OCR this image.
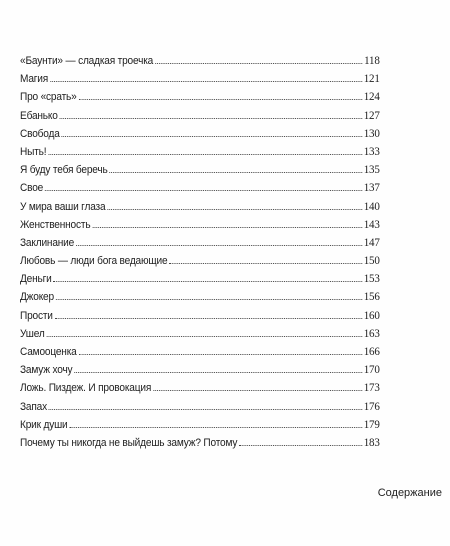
«Баунти» — сладкая троечка	118
Магия	121
Про «срать»	124
Ебанько	127
Свобода	130
Ныть!	133
Я буду тебя беречь	135
Свое	137
У мира ваши глаза	140
Женственность	143
Заклинание	147
Любовь — люди бога ведающие	150
Деньги	153
Джокер	156
Прости	160
Ушел	163
Самооценка	166
Замуж хочу	170
Ложь. Пиздеж. И провокация	173
Запах	176
Крик души	179
Почему ты никогда не выйдешь замуж? Потому	183
Содержание
